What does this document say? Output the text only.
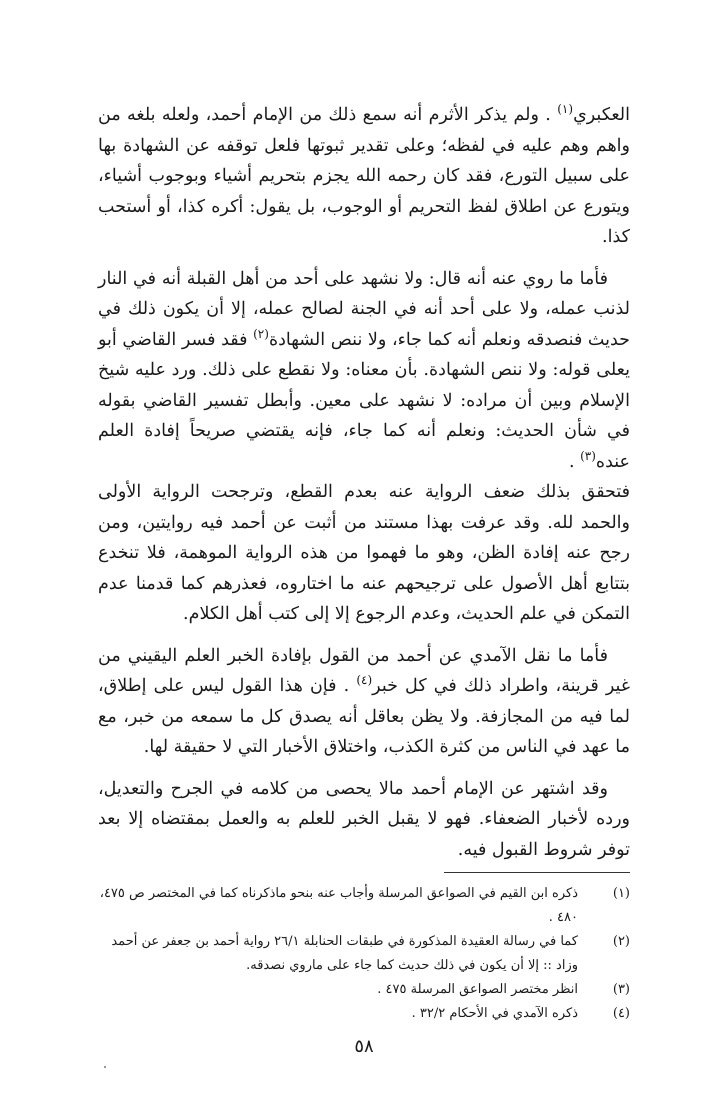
العكبري$^{(١)}$ . ولم يذكر الأثرم أنه سمع ذلك من الإمام أحمد، ولعله بلغه من واهم وهم عليه في لفظه؛ وعلى تقدير ثبوتها فلعل توقفه عن الشهادة بها على سبيل التورع، فقد كان رحمه الله يجزم بتحريم أشياء وبوجوب أشياء، ويتورع عن اطلاق لفظ التحريم أو الوجوب، بل يقول: أكره كذا، أو أستحب كذا.

فأما ما روي عنه أنه قال: ولا نشهد على أحد من أهل القبلة أنه في النار لذنب عمله، ولا على أحد أنه في الجنة لصالح عمله، إلا أن يكون ذلك في حديث فنصدقه ونعلم أنه كما جاء، ولا ننص الشهادة$^{(٢)}$ فقد فسر القاضي أبو يعلى قوله: ولا ننص الشهادة. بأن معناه: ولا نقطع على ذلك. ورد عليه شيخ الإسلام وبين أن مراده: لا نشهد على معين. وأبطل تفسير القاضي بقوله في شأن الحديث: ونعلم أنه كما جاء، فإنه يقتضي صريحاً إفادة العلم عنده$^{(٣)}$ .

فتحقق بذلك ضعف الرواية عنه بعدم القطع، وترجحت الرواية الأولى والحمد لله. وقد عرفت بهذا مستند من أثبت عن أحمد فيه روايتين، ومن رجح عنه إفادة الظن، وهو ما فهموا من هذه الرواية الموهمة، فلا تنخدع بتتابع أهل الأصول على ترجيحهم عنه ما اختاروه، فعذرهم كما قدمنا عدم التمكن في علم الحديث، وعدم الرجوع إلا إلى كتب أهل الكلام.

فأما ما نقل الآمدي عن أحمد من القول بإفادة الخبر العلم اليقيني من غير قرينة، واطراد ذلك في كل خبر$^{(٤)}$ . فإن هذا القول ليس على إطلاق، لما فيه من المجازفة. ولا يظن بعاقل أنه يصدق كل ما سمعه من خبر، مع ما عهد في الناس من كثرة الكذب، واختلاق الأخبار التي لا حقيقة لها.

وقد اشتهر عن الإمام أحمد مالا يحصى من كلامه في الجرح والتعديل، ورده لأخبار الضعفاء. فهو لا يقبل الخبر للعلم به والعمل بمقتضاه إلا بعد توفر شروط القبول فيه.

(١)
ذكره ابن القيم في الصواعق المرسلة وأجاب عنه بنحو ماذكرناه كما في المختصر ص ٤٧٥، ٤٨٠ .
(٢)
كما في رسالة العقيدة المذكورة في طبقات الحنابلة ٢٦/١ رواية أحمد بن جعفر عن أحمد وزاد :: إلا أن يكون في ذلك حديث كما جاء على ماروي نصدقه.
(٣)
انظر مختصر الصواعق المرسلة ٤٧٥ .
(٤)
ذكره الآمدي في الأحكام ٣٢/٢ .
٥٨
